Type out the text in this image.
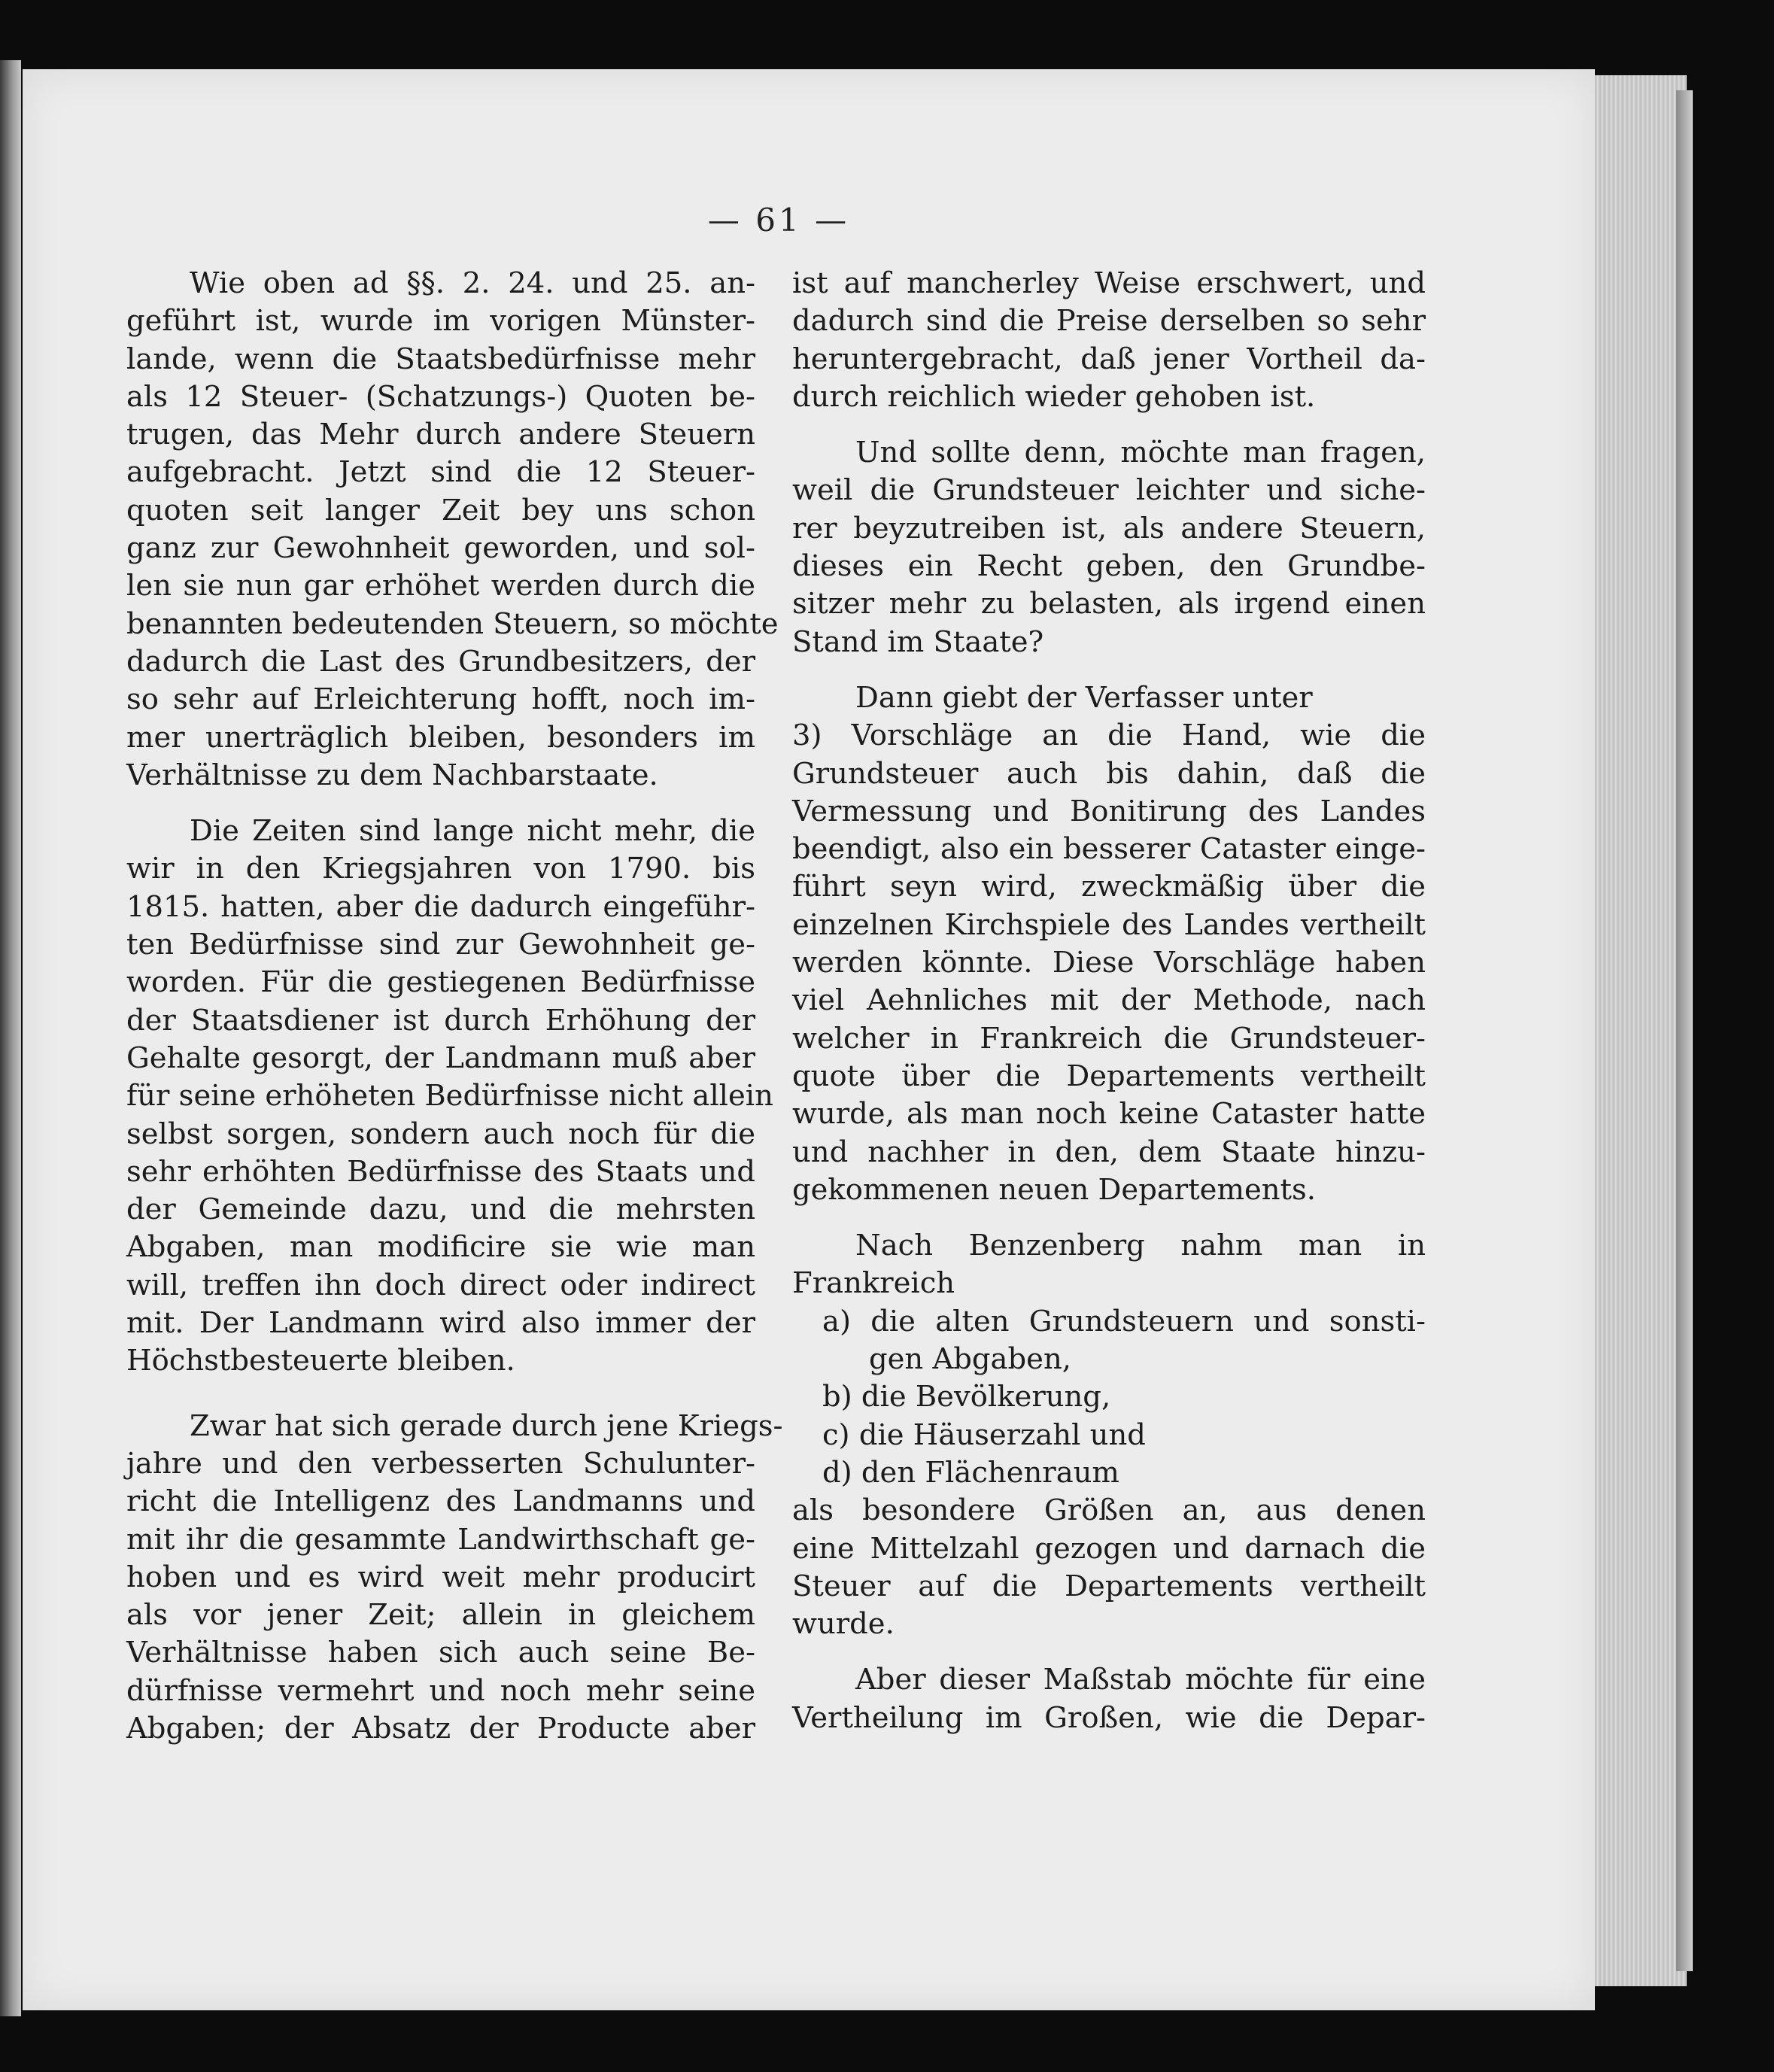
— 61 —
Wie oben ad §§. 2. 24. und 25. an-
geführt ist, wurde im vorigen Münster-
lande, wenn die Staatsbedürfnisse mehr
als 12 Steuer- (Schatzungs-) Quoten be-
trugen, das Mehr durch andere Steuern
aufgebracht. Jetzt sind die 12 Steuer-
quoten seit langer Zeit bey uns schon
ganz zur Gewohnheit geworden, und sol-
len sie nun gar erhöhet werden durch die
benannten bedeutenden Steuern, so möchte
dadurch die Last des Grundbesitzers, der
so sehr auf Erleichterung hofft, noch im-
mer unerträglich bleiben, besonders im
Verhältnisse zu dem Nachbarstaate.
Die Zeiten sind lange nicht mehr, die
wir in den Kriegsjahren von 1790. bis
1815. hatten, aber die dadurch eingeführ-
ten Bedürfnisse sind zur Gewohnheit ge-
worden. Für die gestiegenen Bedürfnisse
der Staatsdiener ist durch Erhöhung der
Gehalte gesorgt, der Landmann muß aber
für seine erhöheten Bedürfnisse nicht allein
selbst sorgen, sondern auch noch für die
sehr erhöhten Bedürfnisse des Staats und
der Gemeinde dazu, und die mehrsten
Abgaben, man modificire sie wie man
will, treffen ihn doch direct oder indirect
mit. Der Landmann wird also immer der
Höchstbesteuerte bleiben.
Zwar hat sich gerade durch jene Kriegs-
jahre und den verbesserten Schulunter-
richt die Intelligenz des Landmanns und
mit ihr die gesammte Landwirthschaft ge-
hoben und es wird weit mehr producirt
als vor jener Zeit; allein in gleichem
Verhältnisse haben sich auch seine Be-
dürfnisse vermehrt und noch mehr seine
Abgaben; der Absatz der Producte aber
ist auf mancherley Weise erschwert, und
dadurch sind die Preise derselben so sehr
heruntergebracht, daß jener Vortheil da-
durch reichlich wieder gehoben ist.
Und sollte denn, möchte man fragen,
weil die Grundsteuer leichter und siche-
rer beyzutreiben ist, als andere Steuern,
dieses ein Recht geben, den Grundbe-
sitzer mehr zu belasten, als irgend einen
Stand im Staate?
Dann giebt der Verfasser unter
3) Vorschläge an die Hand, wie die
Grundsteuer auch bis dahin, daß die
Vermessung und Bonitirung des Landes
beendigt, also ein besserer Cataster einge-
führt seyn wird, zweckmäßig über die
einzelnen Kirchspiele des Landes vertheilt
werden könnte. Diese Vorschläge haben
viel Aehnliches mit der Methode, nach
welcher in Frankreich die Grundsteuer-
quote über die Departements vertheilt
wurde, als man noch keine Cataster hatte
und nachher in den, dem Staate hinzu-
gekommenen neuen Departements.
Nach Benzenberg nahm man in
Frankreich
a) die alten Grundsteuern und sonsti-
gen Abgaben,
b) die Bevölkerung,
c) die Häuserzahl und
d) den Flächenraum
als besondere Größen an, aus denen
eine Mittelzahl gezogen und darnach die
Steuer auf die Departements vertheilt
wurde.
Aber dieser Maßstab möchte für eine
Vertheilung im Großen, wie die Depar-
